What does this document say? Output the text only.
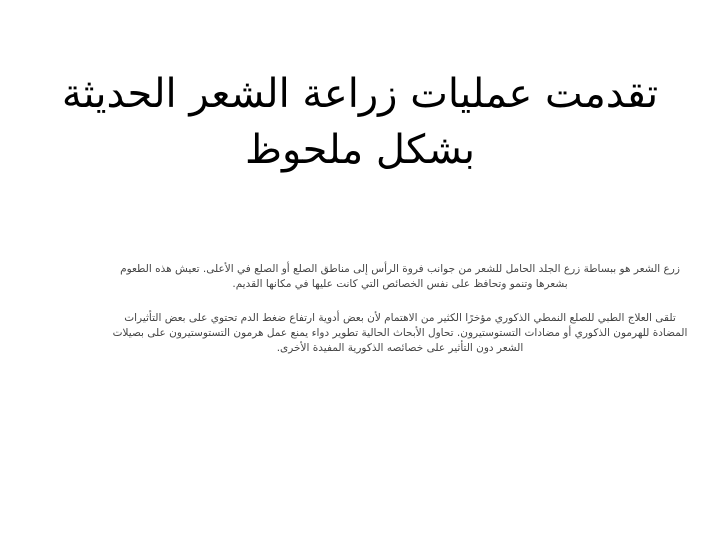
تقدمت عمليات زراعة الشعر الحديثة بشكل ملحوظ

زرع الشعر هو ببساطة زرع الجلد الحامل للشعر من جوانب فروة الرأس إلى مناطق الصلع أو الصلع في الأعلى. تعيش هذه الطعوم بشعرها وتنمو وتحافظ على نفس الخصائص التي كانت عليها في مكانها القديم.

تلقى العلاج الطبي للصلع النمطي الذكوري مؤخرًا الكثير من الاهتمام لأن بعض أدوية ارتفاع ضغط الدم تحتوي على بعض التأثيرات المضادة للهرمون الذكوري أو مضادات التستوستيرون. تحاول الأبحاث الحالية تطوير دواء يمنع عمل هرمون التستوستيرون على بصيلات الشعر دون التأثير على خصائصه الذكورية المفيدة الأخرى.
